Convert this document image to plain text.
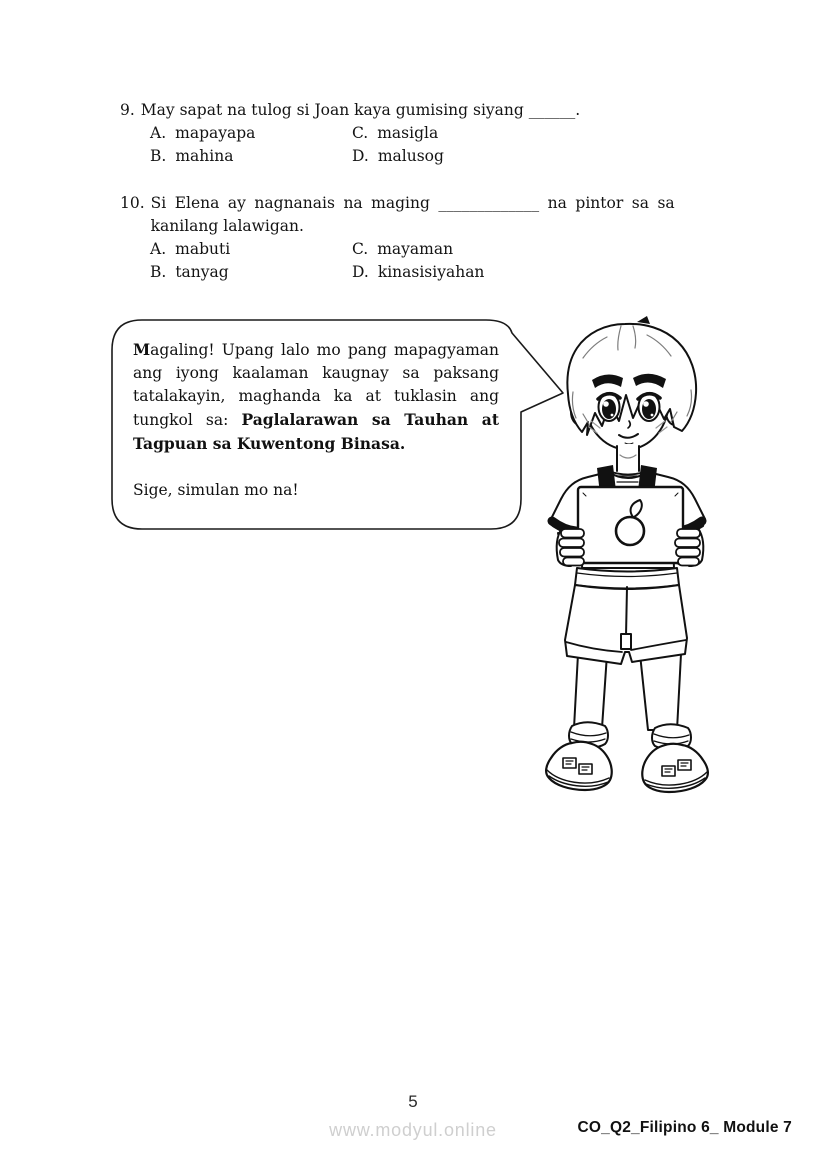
9. May sapat na tulog si Joan kaya gumising siyang ______.
A. mapayapa	C. masigla
B. mahina	D. malusog
10. Si Elena ay nagnanais na maging _____________ na pintor sa sa
kanilang lalawigan.
A. mabuti	C. mayaman
B. tanyag	D. kinasisiyahan

Magaling! Upang lalo mo pang mapagyaman ang iyong kaalaman kaugnay sa paksang tatalakayin, maghanda ka at tuklasin ang tungkol sa: Paglalarawan sa Tauhan at Tagpuan sa Kuwentong Binasa.

Sige, simulan mo na!

5
www.modyul.online	CO_Q2_Filipino 6_ Module 7
